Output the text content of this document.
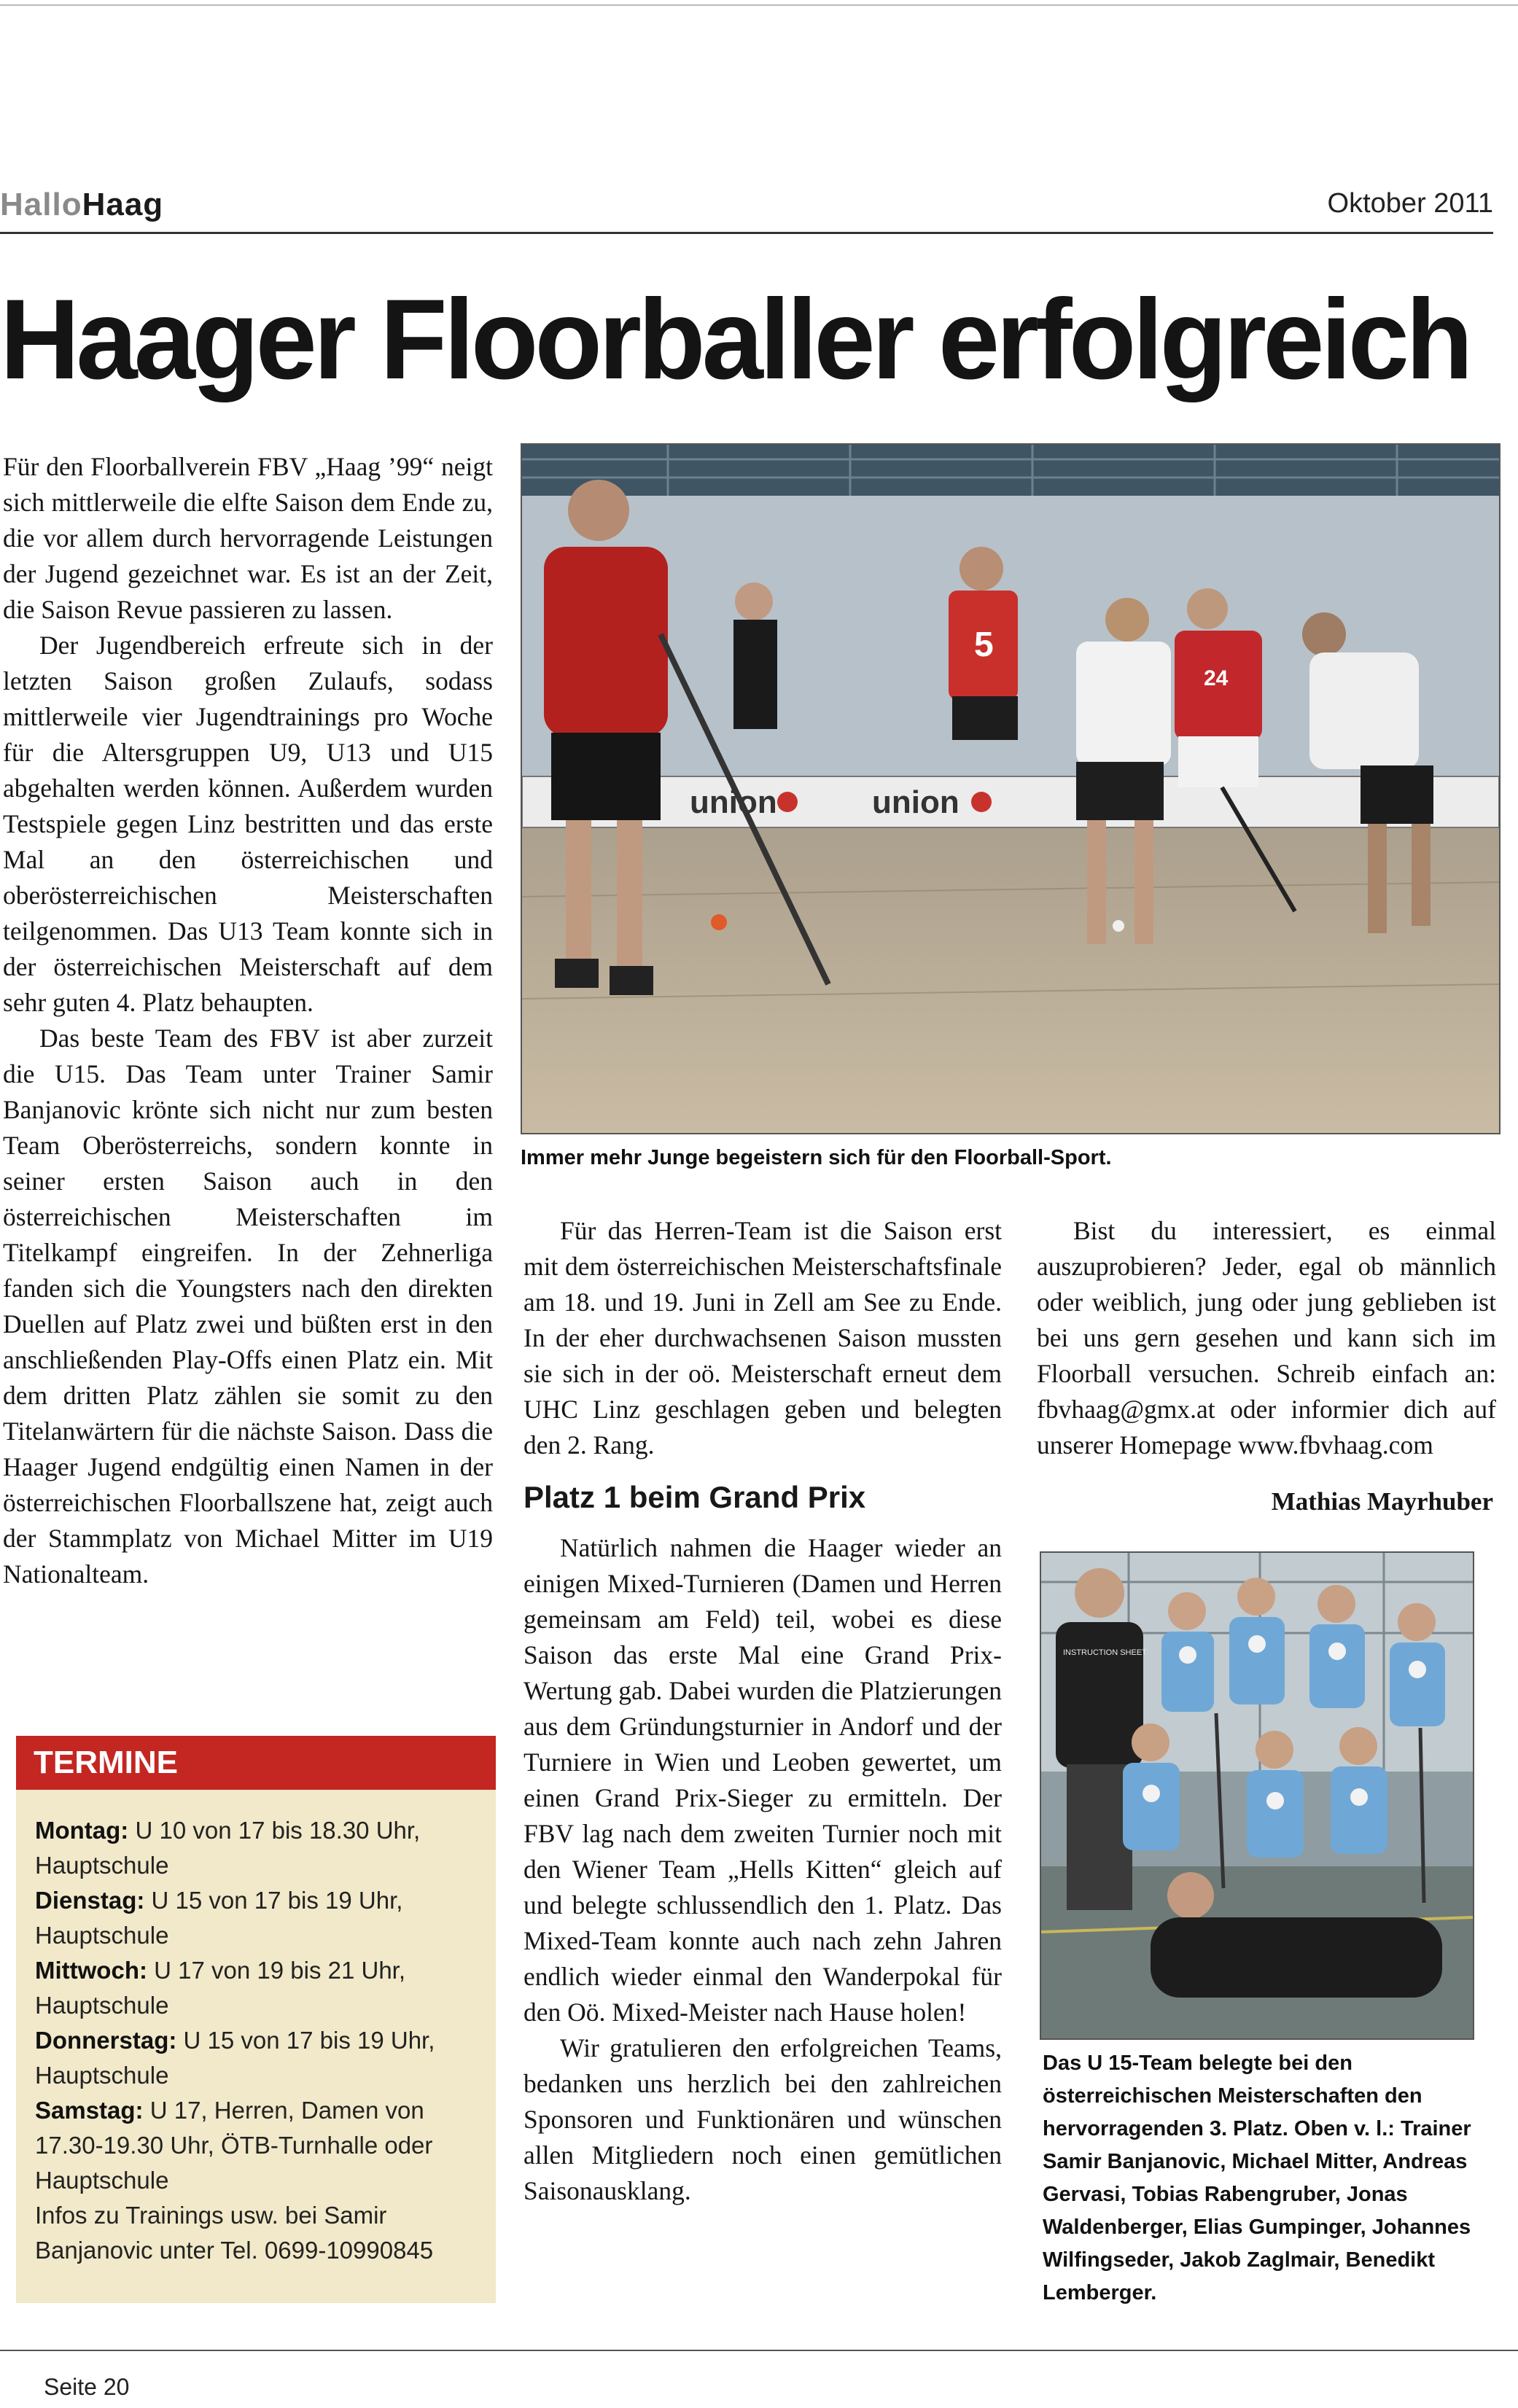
HalloHaag	Oktober 2011
Haager Floorballer erfolgreich

Für den Floorballverein FBV „Haag ’99“ neigt sich mittlerweile die elfte Saison dem Ende zu, die vor allem durch hervorragende Leistungen der Jugend gezeichnet war. Es ist an der Zeit, die Saison Revue passieren zu lassen.

Der Jugendbereich erfreute sich in der letzten Saison großen Zulaufs, sodass mittlerweile vier Jugendtrainings pro Woche für die Altersgruppen U9, U13 und U15 abgehalten werden können. Außerdem wurden Testspiele gegen Linz bestritten und das erste Mal an den österreichischen und oberösterreichischen Meisterschaften teilgenommen. Das U13 Team konnte sich in der österreichischen Meisterschaft auf dem sehr guten 4. Platz behaupten.

Das beste Team des FBV ist aber zurzeit die U15. Das Team unter Trainer Samir Banjanovic krönte sich nicht nur zum besten Team Oberösterreichs, sondern konnte in seiner ersten Saison auch in den österreichischen Meisterschaften im Titelkampf eingreifen. In der Zehnerliga fanden sich die Youngsters nach den direkten Duellen auf Platz zwei und büßten erst in den anschließenden Play-Offs einen Platz ein. Mit dem dritten Platz zählen sie somit zu den Titelanwärtern für die nächste Saison. Dass die Haager Jugend endgültig einen Namen in der österreichischen Floorballszene hat, zeigt auch der Stammplatz von Michael Mitter im U19 Nationalteam.

union	union
5
24
Immer mehr Junge begeistern sich für den Floorball-Sport.

Für das Herren-Team ist die Saison erst mit dem österreichischen Meisterschaftsfinale am 18. und 19. Juni in Zell am See zu Ende. In der eher durchwachsenen Saison mussten sie sich in der oö. Meisterschaft erneut dem UHC Linz geschlagen geben und belegten den 2. Rang.

Platz 1 beim Grand Prix

Natürlich nahmen die Haager wieder an einigen Mixed-Turnieren (Damen und Herren gemeinsam am Feld) teil, wobei es diese Saison das erste Mal eine Grand Prix-Wertung gab. Dabei wurden die Platzierungen aus dem Gründungsturnier in Andorf und der Turniere in Wien und Leoben gewertet, um einen Grand Prix-Sieger zu ermitteln. Der FBV lag nach dem zweiten Turnier noch mit den Wiener Team „Hells Kitten“ gleich auf und belegte schlussendlich den 1. Platz. Das Mixed-Team konnte auch nach zehn Jahren endlich wieder einmal den Wanderpokal für den Oö. Mixed-Meister nach Hause holen!

Wir gratulieren den erfolgreichen Teams, bedanken uns herzlich bei den zahlreichen Sponsoren und Funktionären und wünschen allen Mitgliedern noch einen gemütlichen Saisonausklang.

Bist du interessiert, es einmal auszuprobieren? Jeder, egal ob männlich oder weiblich, jung oder jung geblieben ist bei uns gern gesehen und kann sich im Floorball versuchen. Schreib einfach an: fbvhaag@gmx.at oder informier dich auf unserer Homepage www.fbvhaag.com

Mathias Mayrhuber
INSTRUCTION SHEET
Das U 15-Team belegte bei den österreichischen Meisterschaften den hervorragenden 3. Platz. Oben v. l.: Trainer Samir Banjanovic, Michael Mitter, Andreas Gervasi, Tobias Rabengruber, Jonas Waldenberger, Elias Gumpinger, Johannes Wilfingseder, Jakob Zaglmair, Benedikt Lemberger.
TERMINE

Montag: U 10 von 17 bis 18.30 Uhr, Hauptschule

Dienstag: U 15 von 17 bis 19 Uhr, Hauptschule

Mittwoch: U 17 von 19 bis 21 Uhr, Hauptschule

Donnerstag: U 15 von 17 bis 19 Uhr, Hauptschule

Samstag: U 17, Herren, Damen von 17.30-19.30 Uhr, ÖTB-Turnhalle oder Hauptschule

Infos zu Trainings usw. bei Samir Banjanovic unter Tel. 0699-10990845

Seite 20
